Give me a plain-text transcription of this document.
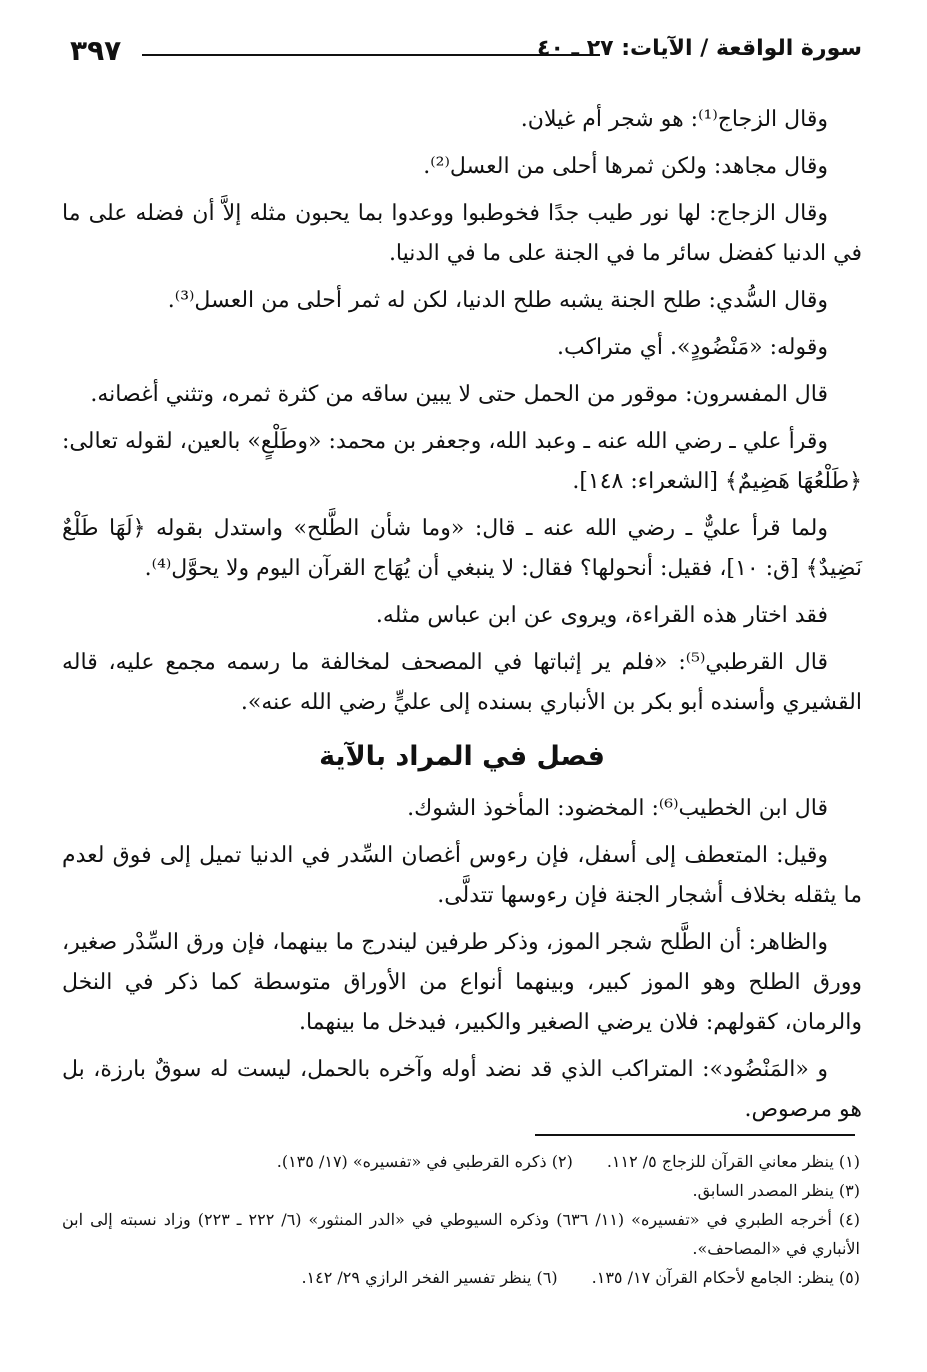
٣٩٧	سورة الواقعة / الآيات: ٢٧ ـ ٤٠

وقال الزجاج⁽¹⁾: هو شجر أم غيلان.

وقال مجاهد: ولكن ثمرها أحلى من العسل⁽²⁾.

وقال الزجاج: لها نور طيب جدًا فخوطبوا ووعدوا بما يحبون مثله إلاَّ أن فضله على ما في الدنيا كفضل سائر ما في الجنة على ما في الدنيا.

وقال السُّدي: طلح الجنة يشبه طلح الدنيا، لكن له ثمر أحلى من العسل⁽³⁾.

وقوله: «مَنْضُودٍ». أي متراكب.

قال المفسرون: موقور من الحمل حتى لا يبين ساقه من كثرة ثمره، وتثني أغصانه.

وقرأ علي ـ رضي الله عنه ـ وعبد الله، وجعفر بن محمد: «وطَلْعٍ» بالعين، لقوله تعالى: ﴿طَلْعُهَا هَضِيمٌ﴾ [الشعراء: ١٤٨].

ولما قرأ عليٌّ ـ رضي الله عنه ـ قال: «وما شأن الطَّلح» واستدل بقوله ﴿لَهَا طَلْعٌ نَضِيدٌ﴾ [ق: ١٠]، فقيل: أنحولها؟ فقال: لا ينبغي أن يُهَاج القرآن اليوم ولا يحوَّل⁽⁴⁾.

فقد اختار هذه القراءة، ويروى عن ابن عباس مثله.

قال القرطبي⁽⁵⁾: «فلم ير إثباتها في المصحف لمخالفة ما رسمه مجمع عليه، قاله القشيري وأسنده أبو بكر بن الأنباري بسنده إلى عليٍّ رضي الله عنه».

فصل في المراد بالآية

قال ابن الخطيب⁽⁶⁾: المخضود: المأخوذ الشوك.

وقيل: المتعطف إلى أسفل، فإن رءوس أغصان السِّدر في الدنيا تميل إلى فوق لعدم ما يثقله بخلاف أشجار الجنة فإن رءوسها تتدلَّى.

والظاهر: أن الطَّلح شجر الموز، وذكر طرفين ليندرج ما بينهما، فإن ورق السِّدْر صغير، وورق الطلح وهو الموز كبير، وبينهما أنواع من الأوراق متوسطة كما ذكر في النخل والرمان، كقولهم: فلان يرضي الصغير والكبير، فيدخل ما بينهما.

و «المَنْضُود»: المتراكب الذي قد نضد أوله وآخره بالحمل، ليست له سوقٌ بارزة، بل هو مرصوص.

(١) ينظر معاني القرآن للزجاج ٥/ ١١٢.
(٢) ذكره القرطبي في «تفسيره» (١٧/ ١٣٥).
(٣) ينظر المصدر السابق.
(٤) أخرجه الطبري في «تفسيره» (١١/ ٦٣٦) وذكره السيوطي في «الدر المنثور» (٦/ ٢٢٢ ـ ٢٢٣) وزاد نسبته إلى ابن الأنباري في «المصاحف».
(٥) ينظر: الجامع لأحكام القرآن ١٧/ ١٣٥.
(٦) ينظر تفسير الفخر الرازي ٢٩/ ١٤٢.
